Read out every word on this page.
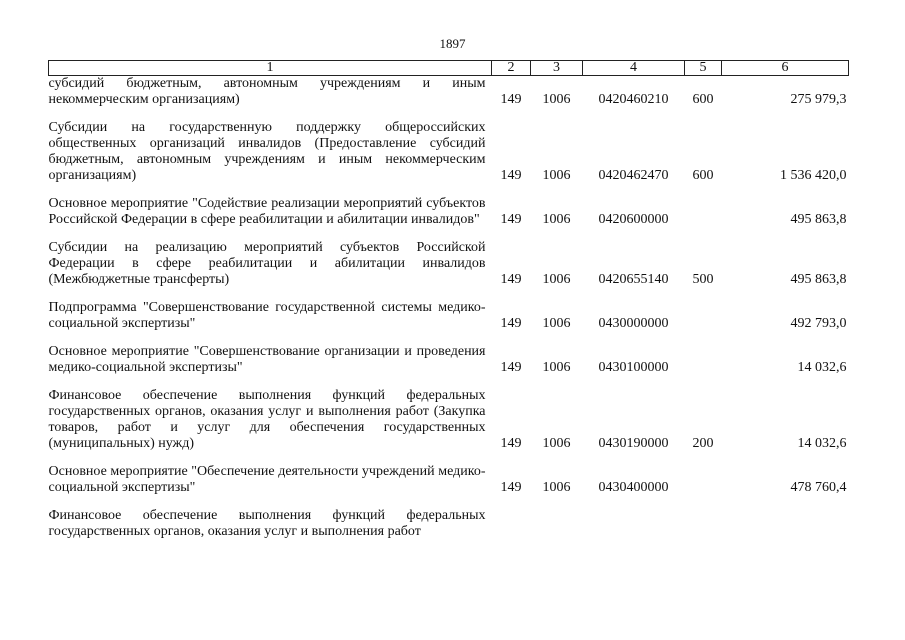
1897
1	2	3	4	5	6
субсидий бюджетным, автономным учреждениям и иным некоммерческим организациям)	149	1006	0420460210	600	275 979,3
Субсидии на государственную поддержку общероссийских общественных организаций инвалидов (Предоставление субсидий бюджетным, автономным учреждениям и иным некоммерческим организациям)	149	1006	0420462470	600	1 536 420,0
Основное мероприятие "Содействие реализации мероприятий субъектов Российской Федерации в сфере реабилитации и абилитации инвалидов"	149	1006	0420600000		495 863,8
Субсидии на реализацию мероприятий субъектов Российской Федерации в сфере реабилитации и абилитации инвалидов (Межбюджетные трансферты)	149	1006	0420655140	500	495 863,8
Подпрограмма "Совершенствование государственной системы медико-социальной экспертизы"	149	1006	0430000000		492 793,0
Основное мероприятие "Совершенствование организации и проведения медико-социальной экспертизы"	149	1006	0430100000		14 032,6
Финансовое обеспечение выполнения функций федеральных государственных органов, оказания услуг и выполнения работ (Закупка товаров, работ и услуг для обеспечения государственных (муниципальных) нужд)	149	1006	0430190000	200	14 032,6
Основное мероприятие "Обеспечение деятельности учреждений медико-социальной экспертизы"	149	1006	0430400000		478 760,4
Финансовое обеспечение выполнения функций федеральных государственных органов, оказания услуг и выполнения работ					
